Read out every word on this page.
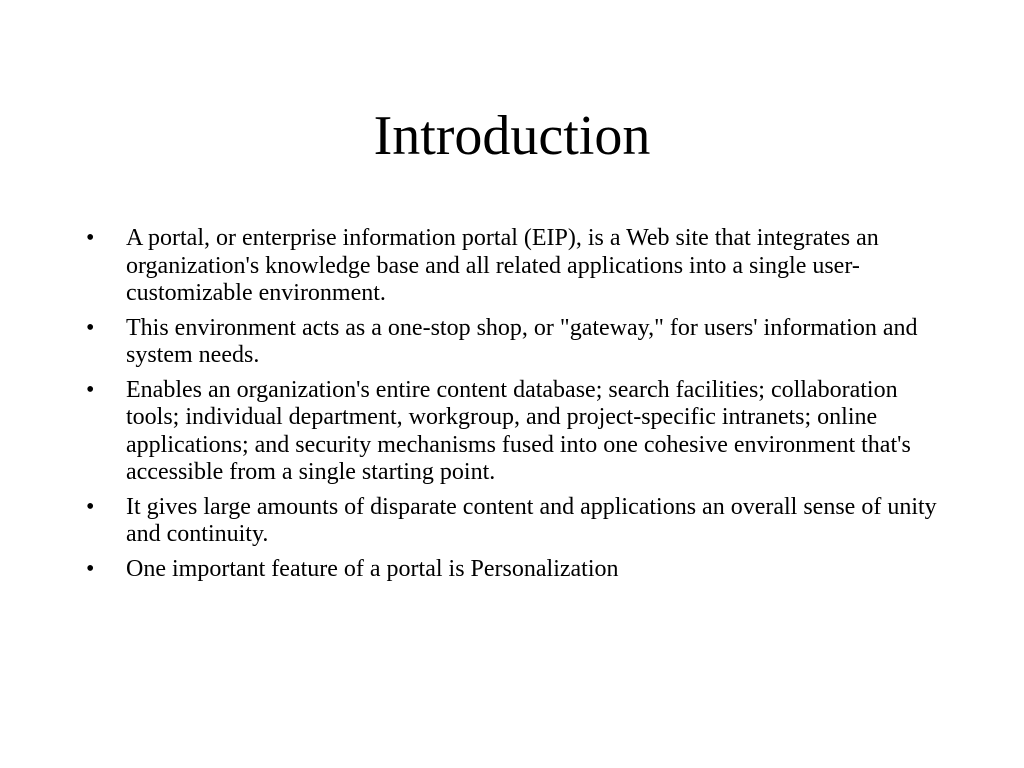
Introduction
•	A portal, or enterprise information portal (EIP), is a Web site that integrates an organization's knowledge base and all related applications into a single user-customizable environment.
•	This environment acts as a one-stop shop, or "gateway," for users' information and system needs.
•	Enables an organization's entire content database; search facilities; collaboration tools; individual department, workgroup, and project-specific intranets; online applications; and security mechanisms fused into one cohesive environment that's accessible from a single starting point.
•	It gives large amounts of disparate content and applications an overall sense of unity and continuity.
•	One important feature of a portal is Personalization
